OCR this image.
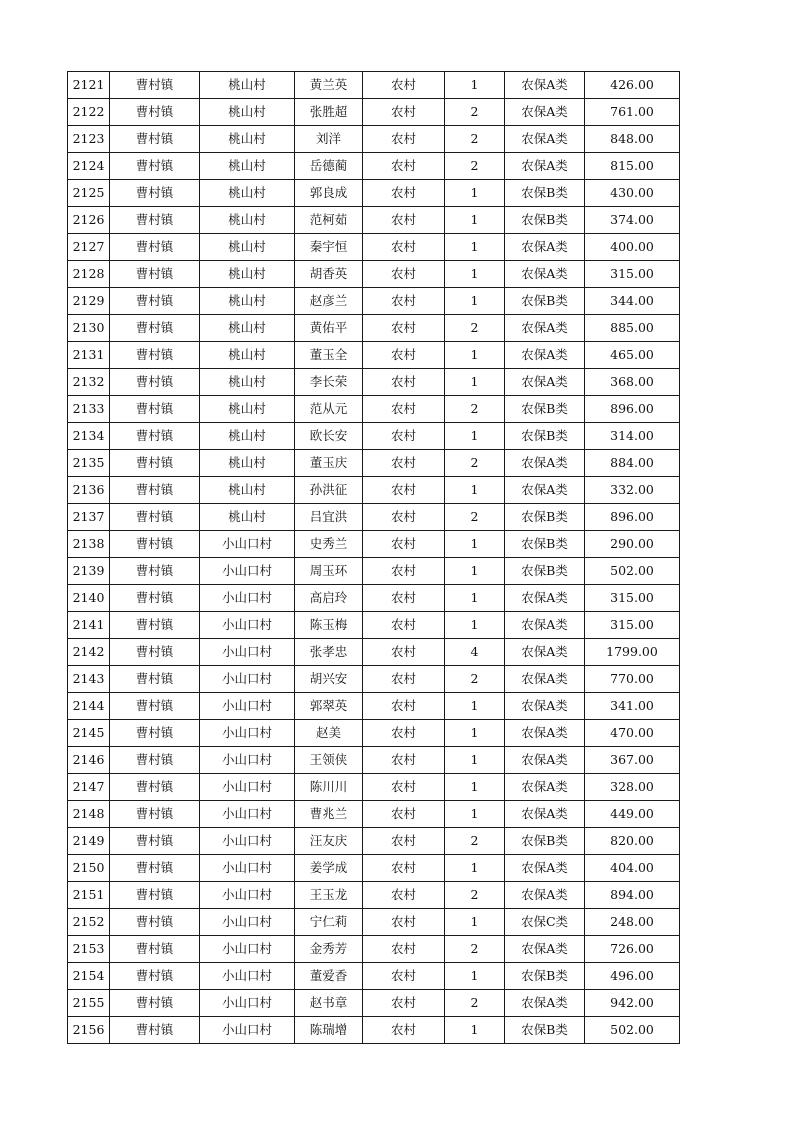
2121	曹村镇	桃山村	黄兰英	农村	1	农保A类	426.00
2122	曹村镇	桃山村	张胜超	农村	2	农保A类	761.00
2123	曹村镇	桃山村	刘洋	农村	2	农保A类	848.00
2124	曹村镇	桃山村	岳德蔺	农村	2	农保A类	815.00
2125	曹村镇	桃山村	郭良成	农村	1	农保B类	430.00
2126	曹村镇	桃山村	范柯茹	农村	1	农保B类	374.00
2127	曹村镇	桃山村	秦宇恒	农村	1	农保A类	400.00
2128	曹村镇	桃山村	胡香英	农村	1	农保A类	315.00
2129	曹村镇	桃山村	赵彦兰	农村	1	农保B类	344.00
2130	曹村镇	桃山村	黄佑平	农村	2	农保A类	885.00
2131	曹村镇	桃山村	董玉全	农村	1	农保A类	465.00
2132	曹村镇	桃山村	李长荣	农村	1	农保A类	368.00
2133	曹村镇	桃山村	范从元	农村	2	农保B类	896.00
2134	曹村镇	桃山村	欧长安	农村	1	农保B类	314.00
2135	曹村镇	桃山村	董玉庆	农村	2	农保A类	884.00
2136	曹村镇	桃山村	孙洪征	农村	1	农保A类	332.00
2137	曹村镇	桃山村	吕宜洪	农村	2	农保B类	896.00
2138	曹村镇	小山口村	史秀兰	农村	1	农保B类	290.00
2139	曹村镇	小山口村	周玉环	农村	1	农保B类	502.00
2140	曹村镇	小山口村	高启玲	农村	1	农保A类	315.00
2141	曹村镇	小山口村	陈玉梅	农村	1	农保A类	315.00
2142	曹村镇	小山口村	张孝忠	农村	4	农保A类	1799.00
2143	曹村镇	小山口村	胡兴安	农村	2	农保A类	770.00
2144	曹村镇	小山口村	郭翠英	农村	1	农保A类	341.00
2145	曹村镇	小山口村	赵美	农村	1	农保A类	470.00
2146	曹村镇	小山口村	王领侠	农村	1	农保A类	367.00
2147	曹村镇	小山口村	陈川川	农村	1	农保A类	328.00
2148	曹村镇	小山口村	曹兆兰	农村	1	农保A类	449.00
2149	曹村镇	小山口村	汪友庆	农村	2	农保B类	820.00
2150	曹村镇	小山口村	姜学成	农村	1	农保A类	404.00
2151	曹村镇	小山口村	王玉龙	农村	2	农保A类	894.00
2152	曹村镇	小山口村	宁仁莉	农村	1	农保C类	248.00
2153	曹村镇	小山口村	金秀芳	农村	2	农保A类	726.00
2154	曹村镇	小山口村	董爱香	农村	1	农保B类	496.00
2155	曹村镇	小山口村	赵书章	农村	2	农保A类	942.00
2156	曹村镇	小山口村	陈瑞增	农村	1	农保B类	502.00
